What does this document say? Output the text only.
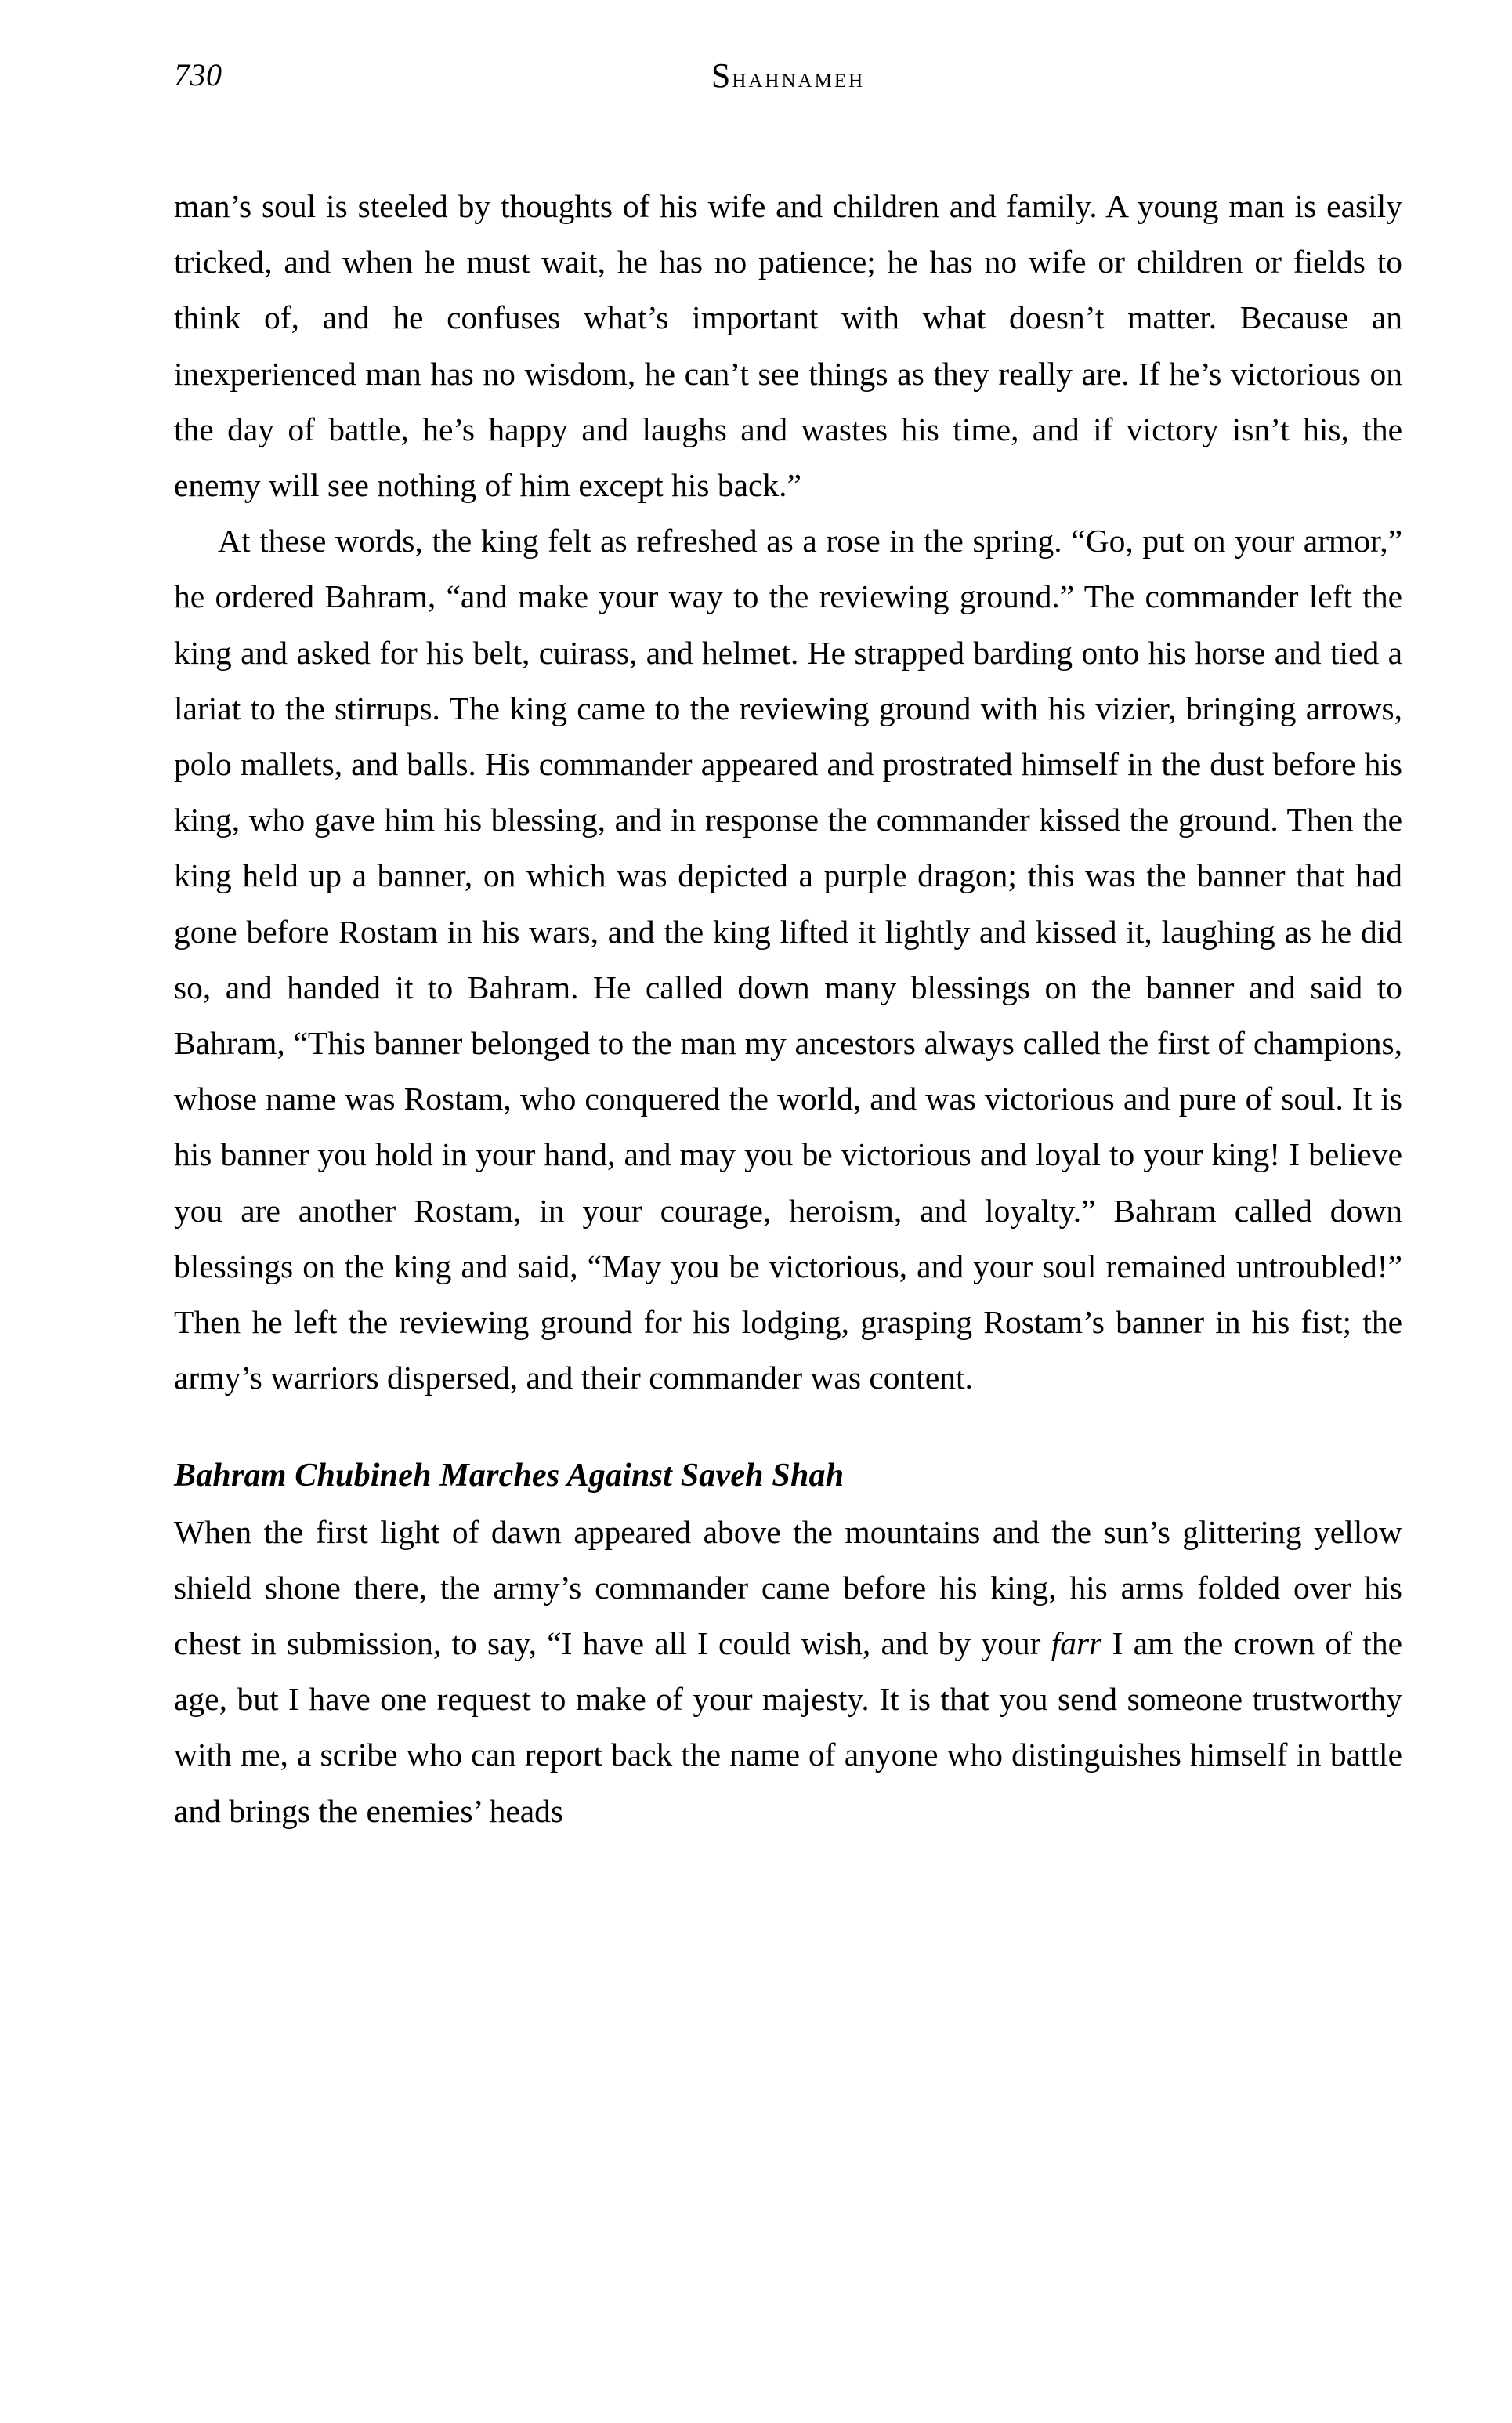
730	Shahnameh

man’s soul is steeled by thoughts of his wife and children and family. A young man is easily tricked, and when he must wait, he has no patience; he has no wife or children or fields to think of, and he confuses what’s important with what doesn’t matter. Because an inexperienced man has no wisdom, he can’t see things as they really are. If he’s victorious on the day of battle, he’s happy and laughs and wastes his time, and if victory isn’t his, the enemy will see nothing of him except his back.”

At these words, the king felt as refreshed as a rose in the spring. “Go, put on your armor,” he ordered Bahram, “and make your way to the reviewing ground.” The commander left the king and asked for his belt, cuirass, and helmet. He strapped barding onto his horse and tied a lariat to the stirrups. The king came to the reviewing ground with his vizier, bringing arrows, polo mallets, and balls. His commander appeared and prostrated himself in the dust before his king, who gave him his blessing, and in response the commander kissed the ground. Then the king held up a banner, on which was depicted a purple dragon; this was the banner that had gone before Rostam in his wars, and the king lifted it lightly and kissed it, laughing as he did so, and handed it to Bahram. He called down many blessings on the banner and said to Bahram, “This banner belonged to the man my ancestors always called the first of champions, whose name was Rostam, who conquered the world, and was victorious and pure of soul. It is his banner you hold in your hand, and may you be victorious and loyal to your king! I believe you are another Rostam, in your courage, heroism, and loyalty.” Bahram called down blessings on the king and said, “May you be victorious, and your soul remained untroubled!” Then he left the reviewing ground for his lodging, grasping Rostam’s banner in his fist; the army’s warriors dispersed, and their commander was content.

Bahram Chubineh Marches Against Saveh Shah

When the first light of dawn appeared above the mountains and the sun’s glittering yellow shield shone there, the army’s commander came before his king, his arms folded over his chest in submission, to say, “I have all I could wish, and by your farr I am the crown of the age, but I have one request to make of your majesty. It is that you send someone trustworthy with me, a scribe who can report back the name of anyone who distinguishes himself in battle and brings the enemies’ heads
